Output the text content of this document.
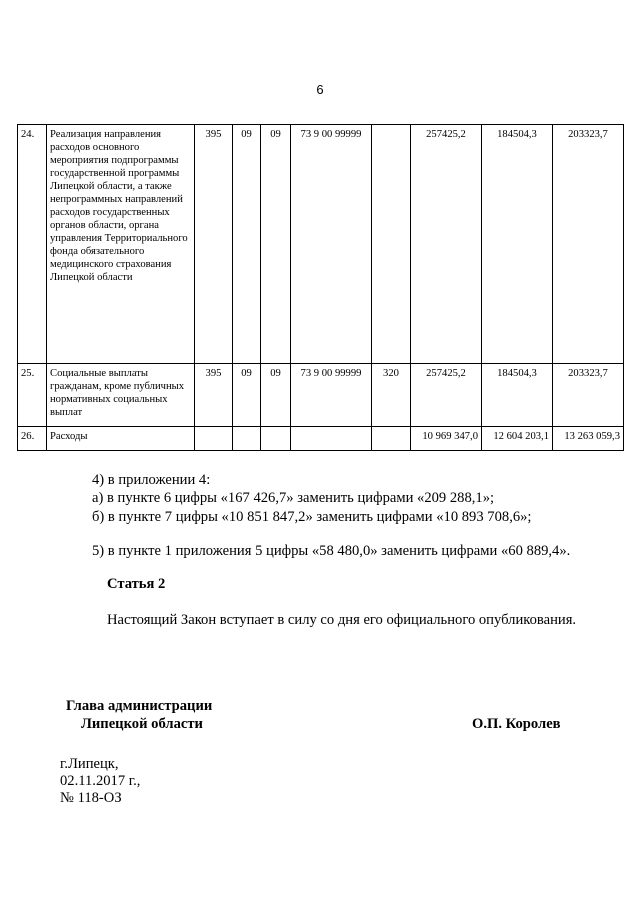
6
24.	Реализация направления расходов основного мероприятия подпрограммы государственной программы Липецкой области, а также непрограммных направлений расходов государственных органов области, органа управления Территориального фонда обязательного медицинского страхования Липецкой области	395	09	09	73 9 00 99999		257425,2	184504,3	203323,7
25.	Социальные выплаты гражданам, кроме публичных нормативных социальных выплат	395	09	09	73 9 00 99999	320	257425,2	184504,3	203323,7
26.	Расходы						10 969 347,0	12 604 203,1	13 263 059,3
4) в приложении 4:
а) в пункте 6 цифры «167 426,7» заменить цифрами «209 288,1»;
б) в пункте 7 цифры «10 851 847,2» заменить цифрами «10 893 708,6»;
5) в пункте 1 приложения 5 цифры «58 480,0» заменить цифрами «60 889,4».
Статья 2
Настоящий Закон вступает в силу со дня его официального опубликования.
Глава администрации
Липецкой области	О.П. Королев
г.Липецк,
02.11.2017 г.,
№ 118-ОЗ
